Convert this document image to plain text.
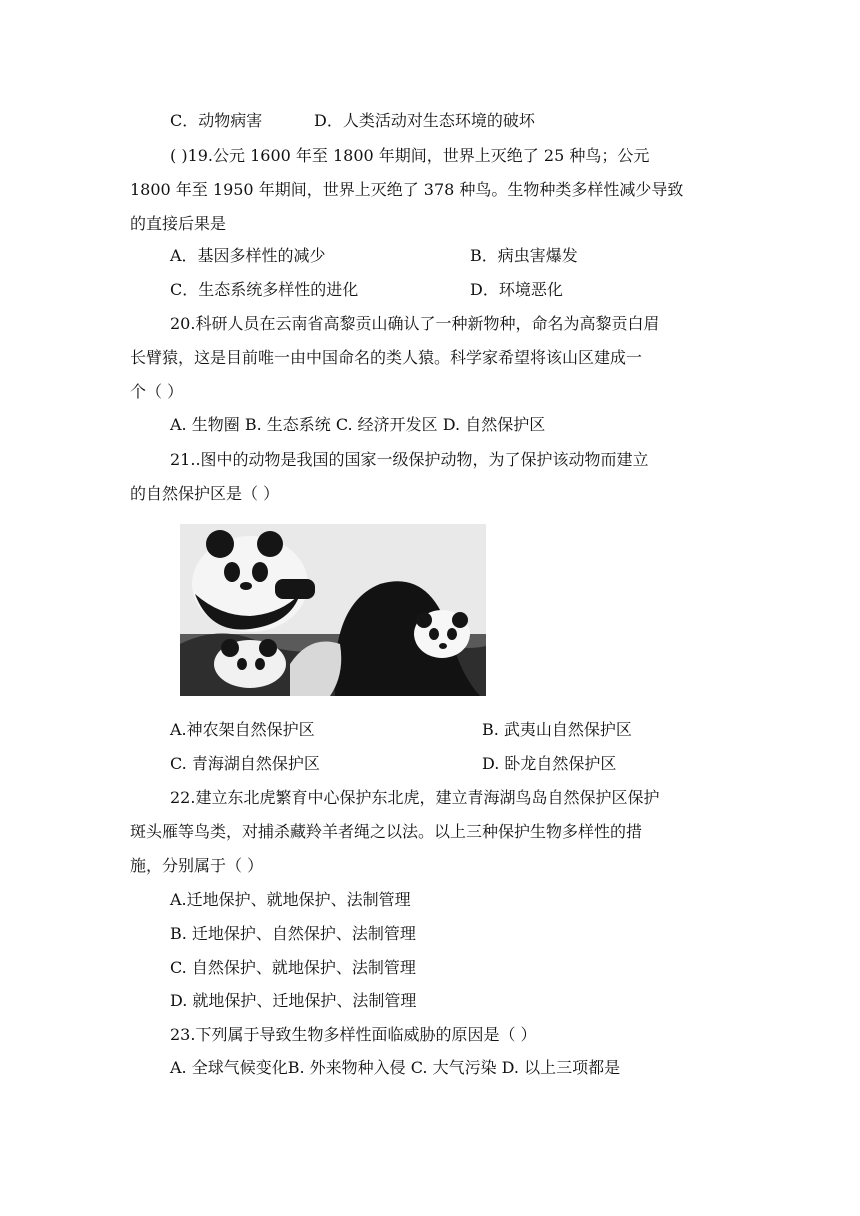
C．动物病害	D．人类活动对生态环境的破坏
( )19.公元 1600 年至 1800 年期间，世界上灭绝了 25 种鸟；公元
1800 年至 1950 年期间，世界上灭绝了 378 种鸟。生物种类多样性减少导致
的直接后果是
A．基因多样性的减少	B．病虫害爆发
C．生态系统多样性的进化	D．环境恶化
20.科研人员在云南省高黎贡山确认了一种新物种，命名为高黎贡白眉
长臂猿，这是目前唯一由中国命名的类人猿。科学家希望将该山区建成一
个（ ）
A. 生物圈 B. 生态系统 C. 经济开发区 D. 自然保护区
21..图中的动物是我国的国家一级保护动物，为了保护该动物而建立
的自然保护区是（ ）
A.神农架自然保护区	B. 武夷山自然保护区
C. 青海湖自然保护区	D. 卧龙自然保护区
22.建立东北虎繁育中心保护东北虎，建立青海湖鸟岛自然保护区保护
斑头雁等鸟类，对捕杀藏羚羊者绳之以法。以上三种保护生物多样性的措
施，分别属于（ ）
A.迁地保护、就地保护、法制管理
B. 迁地保护、自然保护、法制管理
C. 自然保护、就地保护、法制管理
D. 就地保护、迁地保护、法制管理
23.下列属于导致生物多样性面临威胁的原因是（ ）
A. 全球气候变化B. 外来物种入侵 C. 大气污染 D. 以上三项都是
